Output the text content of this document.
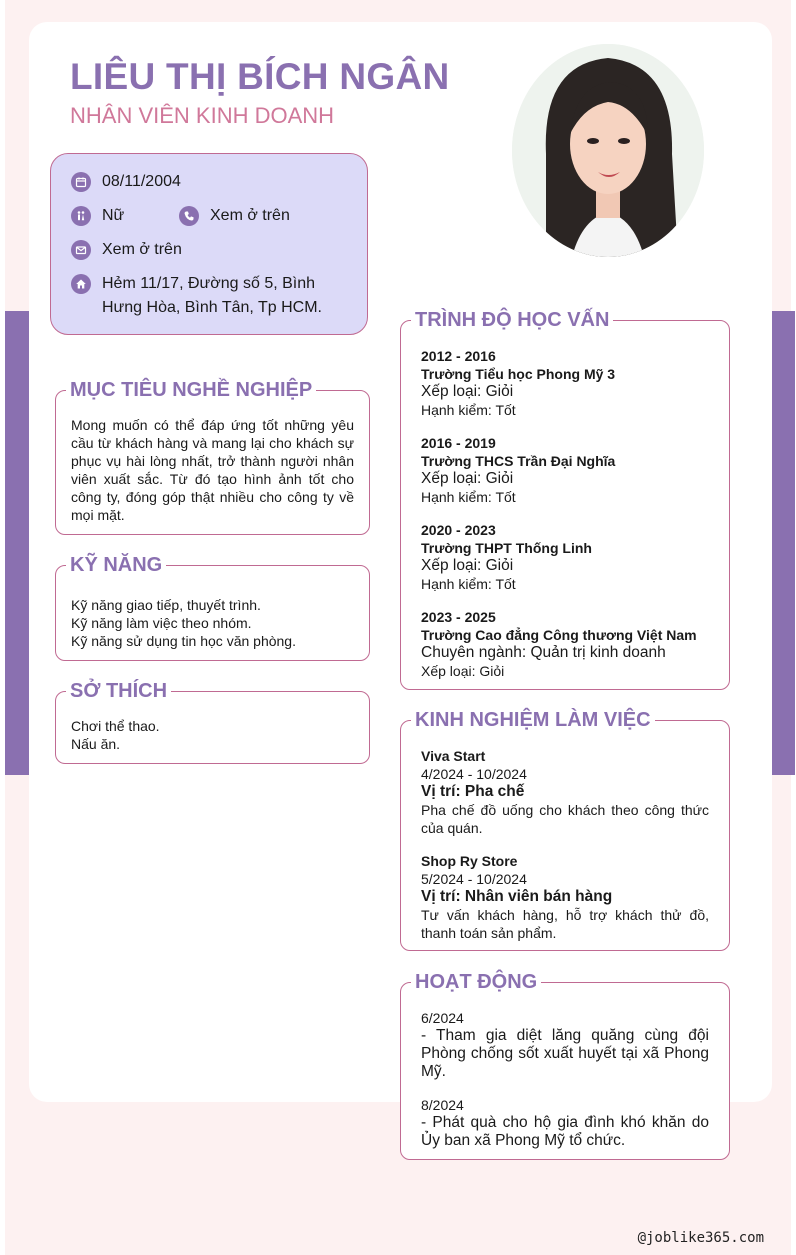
LIÊU THỊ BÍCH NGÂN
NHÂN VIÊN KINH DOANH
08/11/2004
Nữ	Xem ở trên
Xem ở trên
Hẻm 11/17, Đường số 5, Bình Hưng Hòa, Bình Tân, Tp HCM.
MỤC TIÊU NGHỀ NGHIỆP
Mong muốn có thể đáp ứng tốt những yêu cầu từ khách hàng và mang lại cho khách sự phục vụ hài lòng nhất, trở thành người nhân viên xuất sắc. Từ đó tạo hình ảnh tốt cho công ty, đóng góp thật nhiều cho công ty về mọi mặt.
KỸ NĂNG
Kỹ năng giao tiếp, thuyết trình.
Kỹ năng làm việc theo nhóm.
Kỹ năng sử dụng tin học văn phòng.
SỞ THÍCH
Chơi thể thao.
Nấu ăn.
TRÌNH ĐỘ HỌC VẤN
2012 - 2016
Trường Tiểu học Phong Mỹ 3
Xếp loại: Giỏi
Hạnh kiểm: Tốt
2016 - 2019
Trường THCS Trần Đại Nghĩa
Xếp loại: Giỏi
Hạnh kiểm: Tốt
2020 - 2023
Trường THPT Thống Linh
Xếp loại: Giỏi
Hạnh kiểm: Tốt
2023 - 2025
Trường Cao đẳng Công thương Việt Nam
Chuyên ngành: Quản trị kinh doanh
Xếp loại: Giỏi
KINH NGHIỆM LÀM VIỆC
Viva Start
4/2024 - 10/2024
Vị trí: Pha chế
Pha chế đồ uống cho khách theo công thức của quán.
Shop Ry Store
5/2024 - 10/2024
Vị trí: Nhân viên bán hàng
Tư vấn khách hàng, hỗ trợ khách thử đồ, thanh toán sản phẩm.
HOẠT ĐỘNG
6/2024
- Tham gia diệt lăng quăng cùng đội Phòng chống sốt xuất huyết tại xã Phong Mỹ.
8/2024
- Phát quà cho hộ gia đình khó khăn do Ủy ban xã Phong Mỹ tổ chức.
@joblike365.com
